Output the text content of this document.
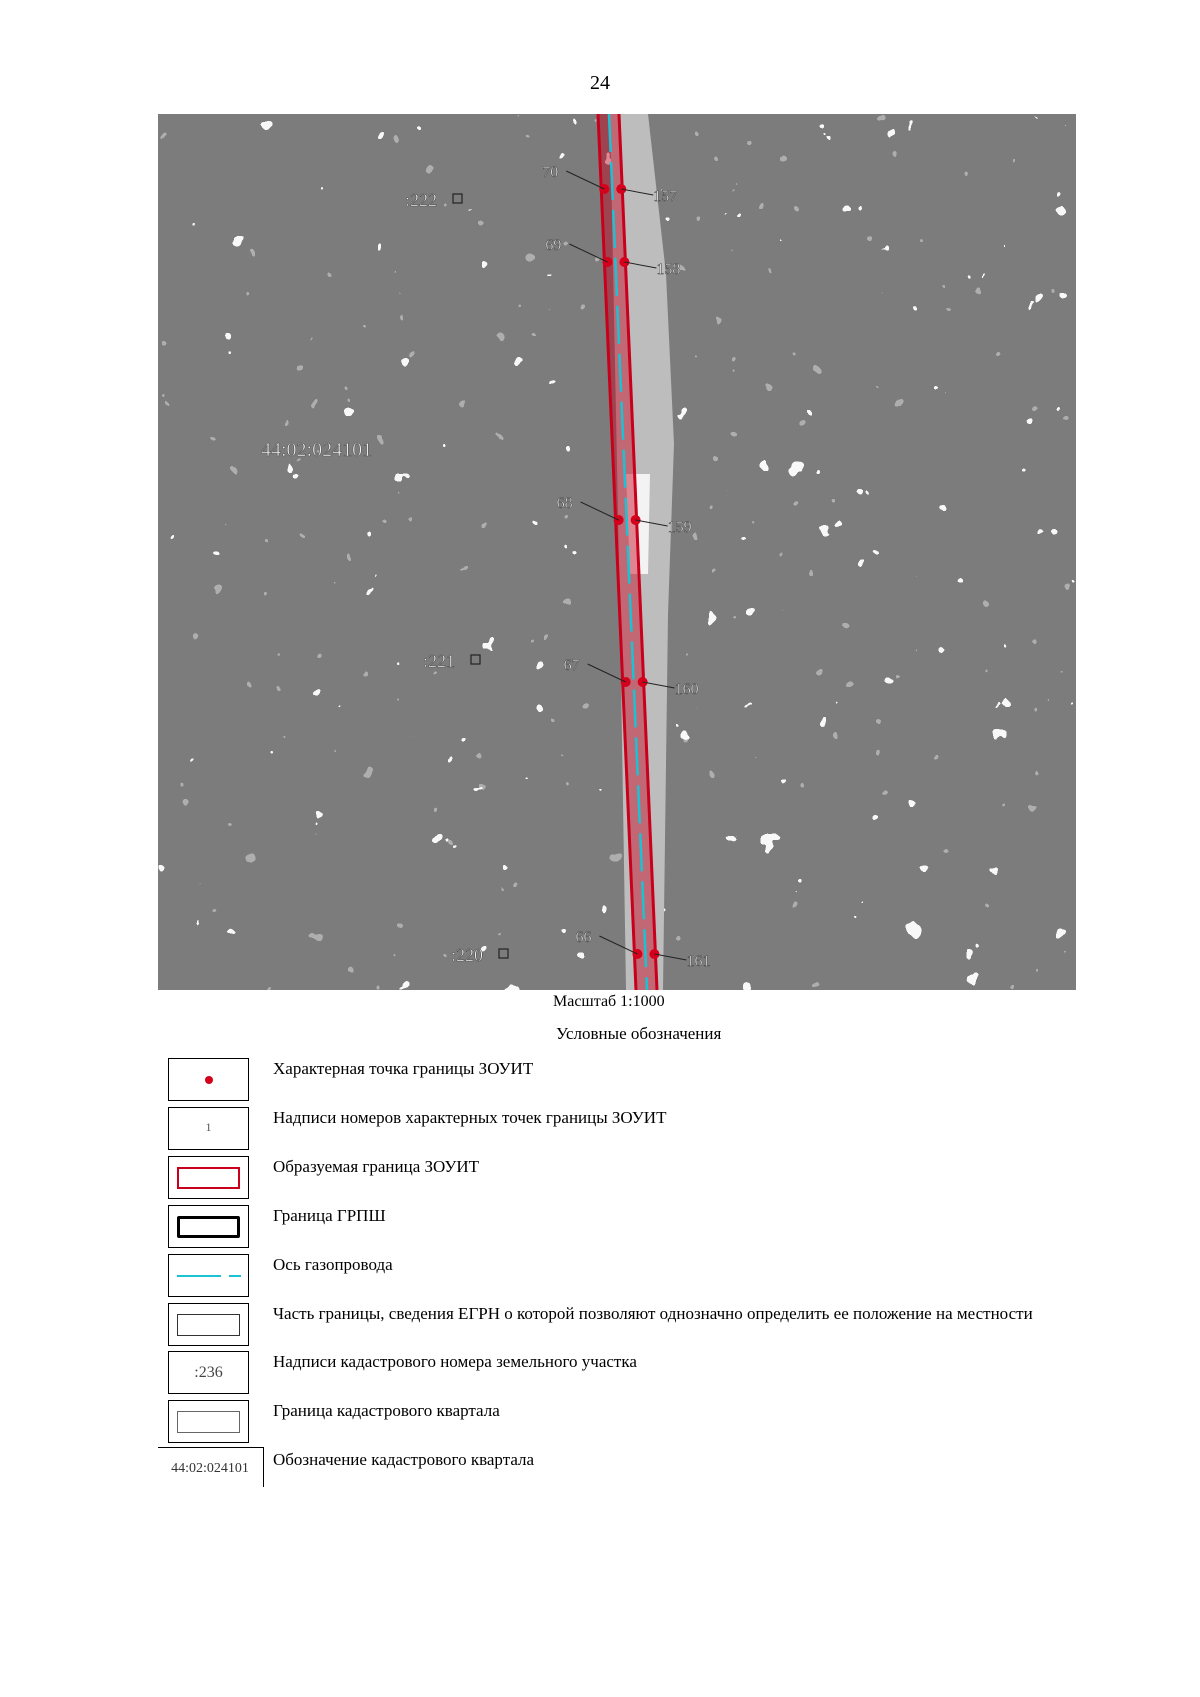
24
70
157
69
158
68
159
67
160
66
161
:222
:221
:220
44:02:024101
Масштаб 1:1000
Условные обозначения
Характерная точка границы ЗОУИТ
1	Надписи номеров характерных точек границы ЗОУИТ
Образуемая граница ЗОУИТ
Граница ГРПШ
Ось газопровода
Часть границы, сведения ЕГРН о которой позволяют однозначно определить ее положение на местности
:236
Надписи кадастрового номера земельного участка
Граница кадастрового квартала
44:02:024101	Обозначение кадастрового квартала
